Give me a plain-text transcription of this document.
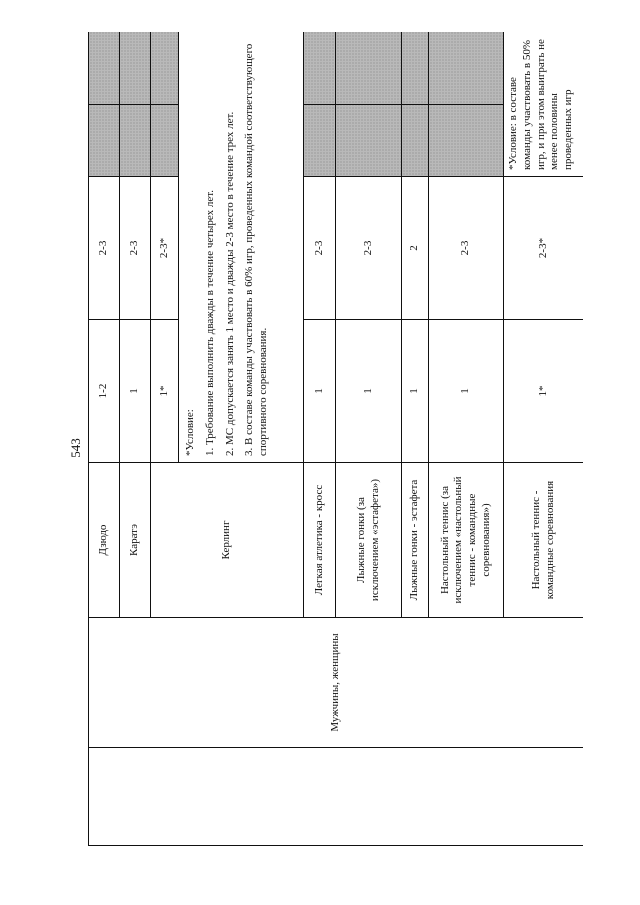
543
	Мужчины, женщины	Дзюдо	1-2	2-3		
		Каратэ	1	2-3		
		Керлинг	1*	2-3*		

			*Условие: 1. Требование выполнить дважды в течение четырех лет. 2. МС допускается занять 1 место и дважды 2-3 место в течение трех лет. 3. В составе команды участвовать в 60% игр, проведенных командой соответствующего спортивного соревнования.			

		Легкая атлетика - кросс	1	2-3		
		Лыжные гонки (за исключением «эстафета»)	1	2-3		
		Лыжные гонки - эстафета	1	2		
		Настольный теннис (за исключением «настольный теннис - командные соревнования»)	1	2-3		
		Настольный теннис - командные соревнования	1*	2-3*	*Условие: в составе команды участвовать в 50% игр, и при этом выиграть не менее половины проведенных игр	
